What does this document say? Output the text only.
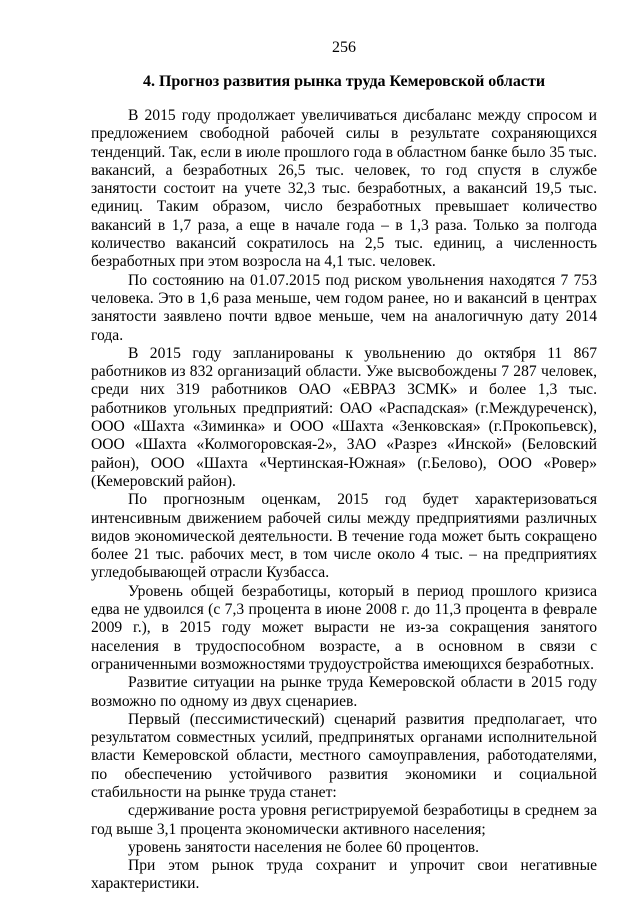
256
4. Прогноз развития рынка труда Кемеровской области

В 2015 году продолжает увеличиваться дисбаланс между спросом и предложением свободной рабочей силы в результате сохраняющихся тенденций. Так, если в июле прошлого года в областном банке было 35 тыс. вакансий, а безработных 26,5 тыс. человек, то год спустя в службе занятости состоит на учете 32,3 тыс. безработных, а вакансий 19,5 тыс. единиц. Таким образом, число безработных превышает количество вакансий в 1,7 раза, а еще в начале года – в 1,3 раза. Только за полгода количество вакансий сократилось на 2,5 тыс. единиц, а численность безработных при этом возросла на 4,1 тыс. человек.

По состоянию на 01.07.2015 под риском увольнения находятся 7 753 человека. Это в 1,6 раза меньше, чем годом ранее, но и вакансий в центрах занятости заявлено почти вдвое меньше, чем на аналогичную дату 2014 года.

В 2015 году запланированы к увольнению до октября 11 867 работников из 832 организаций области. Уже высвобождены 7 287 человек, среди них 319 работников ОАО «ЕВРАЗ ЗСМК» и более 1,3 тыс. работников угольных предприятий: ОАО «Распадская» (г.Междуреченск), ООО «Шахта «Зиминка» и ООО «Шахта «Зенковская» (г.Прокопьевск), ООО «Шахта «Колмогоровская-2», ЗАО «Разрез «Инской» (Беловский район), ООО «Шахта «Чертинская-Южная» (г.Белово), ООО «Ровер» (Кемеровский район).

По прогнозным оценкам, 2015 год будет характеризоваться интенсивным движением рабочей силы между предприятиями различных видов экономической деятельности. В течение года может быть сокращено более 21 тыс. рабочих мест, в том числе около 4 тыс. – на предприятиях угледобывающей отрасли Кузбасса.

Уровень общей безработицы, который в период прошлого кризиса едва не удвоился (с 7,3 процента в июне 2008 г. до 11,3 процента в феврале 2009 г.), в 2015 году может вырасти не из-за сокращения занятого населения в трудоспособном возрасте, а в основном в связи с ограниченными возможностями трудоустройства имеющихся безработных.

Развитие ситуации на рынке труда Кемеровской области в 2015 году возможно по одному из двух сценариев.

Первый (пессимистический) сценарий развития предполагает, что результатом совместных усилий, предпринятых органами исполнительной власти Кемеровской области, местного самоуправления, работодателями, по обеспечению устойчивого развития экономики и социальной стабильности на рынке труда станет:

сдерживание роста уровня регистрируемой безработицы в среднем за год выше 3,1 процента экономически активного населения;

уровень занятости населения не более 60 процентов.

При этом рынок труда сохранит и упрочит свои негативные характеристики.
